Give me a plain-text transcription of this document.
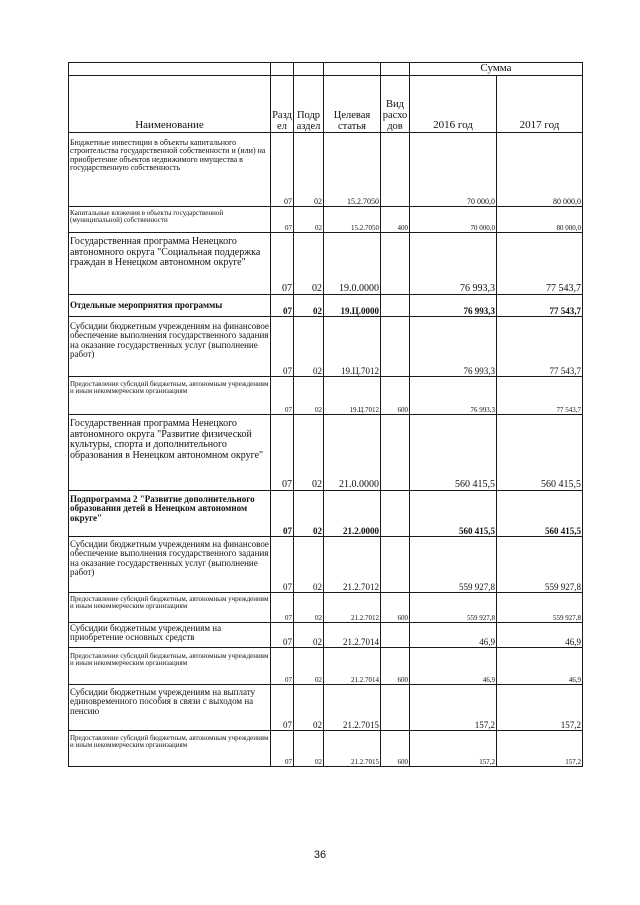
					Сумма	
Наименование	Разд ел	Подр аздел	Целевая статья	Вид расхо дов	2016 год	2017 год
Бюджетные инвестиции в объекты капитального строительства государственной собственности и (или) на приобретение объектов недвижимого имущества в государственную собственность	07	02	15.2.7050		70 000,0	80 000,0
Капитальные вложения в объекты государственной (муниципальной) собственности	07	02	15.2.7050	400	70 000,0	80 000,0
Государственная программа Ненецкого автономного округа "Социальная поддержка граждан в Ненецком автономном округе"	07	02	19.0.0000		76 993,3	77 543,7
Отдельные мероприятия программы	07	02	19.Ц.0000		76 993,3	77 543,7
Субсидии бюджетным учреждениям на финансовое обеспечение выполнения государственного задания на оказание государственных услуг (выполнение работ)	07	02	19.Ц.7012		76 993,3	77 543,7
Предоставление субсидий бюджетным, автономным учреждениям и иным некоммерческим организациям	07	02	19.Ц.7012	600	76 993,3	77 543,7
Государственная программа Ненецкого автономного округа "Развитие физической культуры, спорта и дополнительного образования в Ненецком автономном округе"	07	02	21.0.0000		560 415,5	560 415,5
Подпрограмма 2 "Развитие дополнительного образования детей в Ненецком автономном округе"	07	02	21.2.0000		560 415,5	560 415,5
Субсидии бюджетным учреждениям на финансовое обеспечение выполнения государственного задания на оказание государственных услуг (выполнение работ)	07	02	21.2.7012		559 927,8	559 927,8
Предоставление субсидий бюджетным, автономным учреждениям и иным некоммерческим организациям	07	02	21.2.7012	600	559 927,8	559 927,8
Субсидии бюджетным учреждениям на приобретение основных средств	07	02	21.2.7014		46,9	46,9
Предоставление субсидий бюджетным, автономным учреждениям и иным некоммерческим организациям	07	02	21.2.7014	600	46,9	46,9
Субсидии бюджетным учреждениям на выплату единовременного пособия в связи с выходом на пенсию	07	02	21.2.7015		157,2	157,2
Предоставление субсидий бюджетным, автономным учреждениям и иным некоммерческим организациям	07	02	21.2.7015	600	157,2	157,2
36
